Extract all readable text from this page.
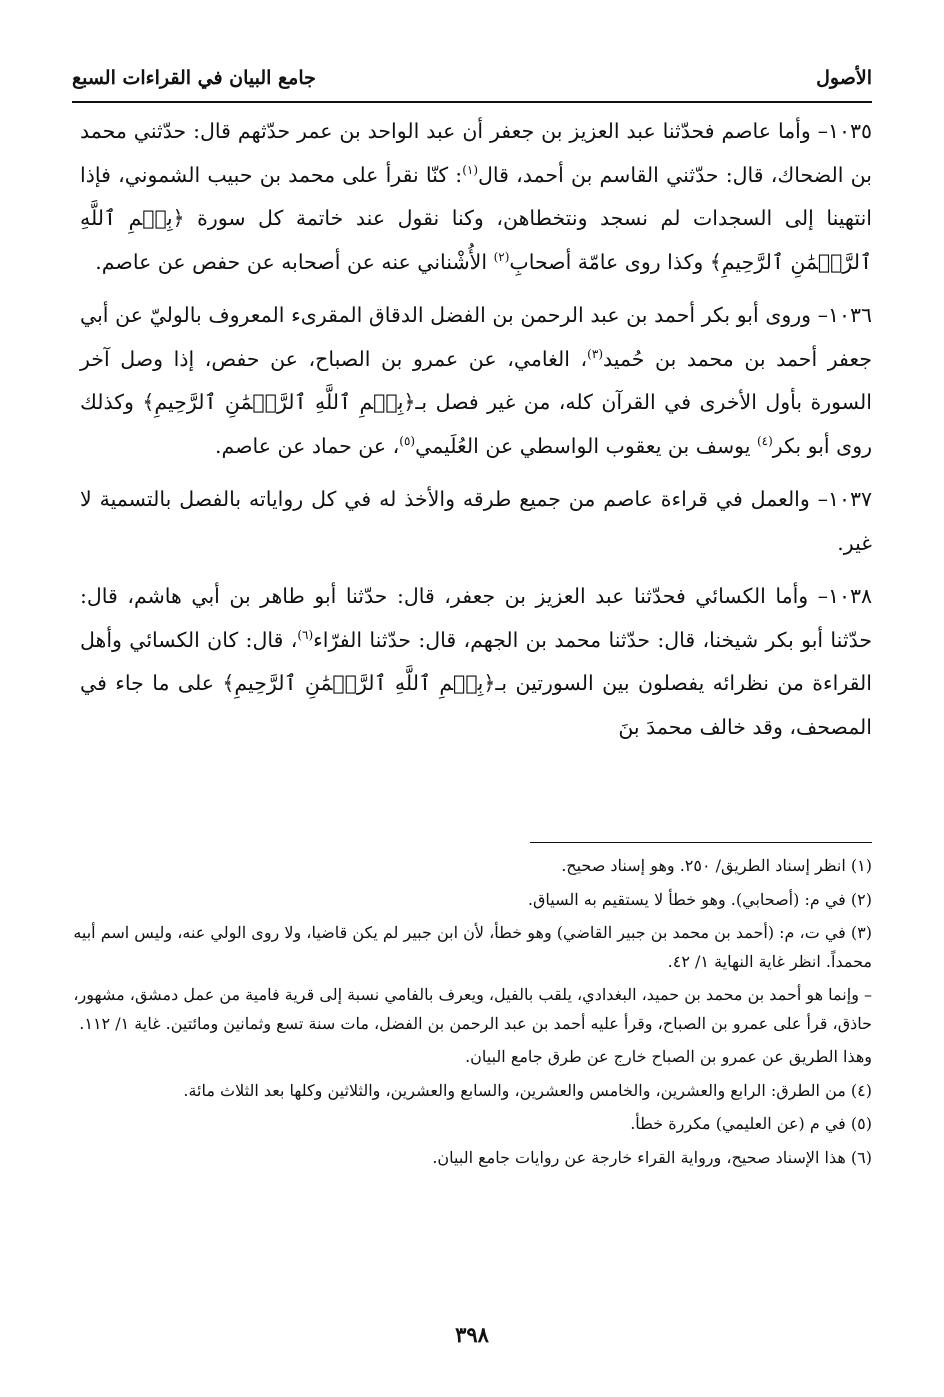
الأصول
جامع البيان في القراءات السبع

١٠٣٥– وأما عاصم فحدّثنا عبد العزيز بن جعفر أن عبد الواحد بن عمر حدّثهم قال: حدّثني محمد بن الضحاك، قال: حدّثني القاسم بن أحمد، قال$^{(١)}$: كنّا نقرأ على محمد بن حبيب الشموني، فإذا انتهينا إلى السجدات لم نسجد ونتخطاهن، وكنا نقول عند خاتمة كل سورة ﴿بِسۡمِ ٱللَّهِ ٱلرَّحۡمَٰنِ ٱلرَّحِيمِ﴾ وكذا روى عامّة أصحابِ$^{(٢)}$ الأُشْناني عنه عن أصحابه عن حفص عن عاصم.

١٠٣٦– وروى أبو بكر أحمد بن عبد الرحمن بن الفضل الدقاق المقرىء المعروف بالوليّ عن أبي جعفر أحمد بن محمد بن حُميد$^{(٣)}$، الغامي، عن عمرو بن الصباح، عن حفص، إذا وصل آخر السورة بأول الأخرى في القرآن كله، من غير فصل بـ﴿بِسۡمِ ٱللَّهِ ٱلرَّحۡمَٰنِ ٱلرَّحِيمِ﴾ وكذلك روى أبو بكر$^{(٤)}$ يوسف بن يعقوب الواسطي عن العُلَيمي$^{(٥)}$، عن حماد عن عاصم.

١٠٣٧– والعمل في قراءة عاصم من جميع طرقه والأخذ له في كل رواياته بالفصل بالتسمية لا غير.

١٠٣٨– وأما الكسائي فحدّثنا عبد العزيز بن جعفر، قال: حدّثنا أبو طاهر بن أبي هاشم، قال: حدّثنا أبو بكر شيخنا، قال: حدّثنا محمد بن الجهم، قال: حدّثنا الفرّاء$^{(٦)}$، قال: كان الكسائي وأهل القراءة من نظرائه يفصلون بين السورتين بـ﴿بِسۡمِ ٱللَّهِ ٱلرَّحۡمَٰنِ ٱلرَّحِيمِ﴾ على ما جاء في المصحف، وقد خالف محمدَ بنَ

(١) انظر إسناد الطريق/ ٢٥٠. وهو إسناد صحيح.

(٢) في م: (أصحابي). وهو خطأ لا يستقيم به السياق.

(٣) في ت، م: (أحمد بن محمد بن جبير القاضي) وهو خطأ، لأن ابن جبير لم يكن قاضيا، ولا روى الولي عنه، وليس اسم أبيه محمداً. انظر غاية النهاية ١/ ٤٢.

– وإنما هو أحمد بن محمد بن حميد، البغدادي، يلقب بالفيل، ويعرف بالفامي نسبة إلى قرية فامية من عمل دمشق، مشهور، حاذق، قرأ على عمرو بن الصباح، وقرأ عليه أحمد بن عبد الرحمن بن الفضل، مات سنة تسع وثمانين ومائتين. غاية ١/ ١١٢.

وهذا الطريق عن عمرو بن الصباح خارج عن طرق جامع البيان.

(٤) من الطرق: الرابع والعشرين، والخامس والعشرين، والسابع والعشرين، والثلاثين وكلها بعد الثلاث مائة.

(٥) في م (عن العليمي) مكررة خطأ.

(٦) هذا الإسناد صحيح، ورواية القراء خارجة عن روايات جامع البيان.

٣٩٨
